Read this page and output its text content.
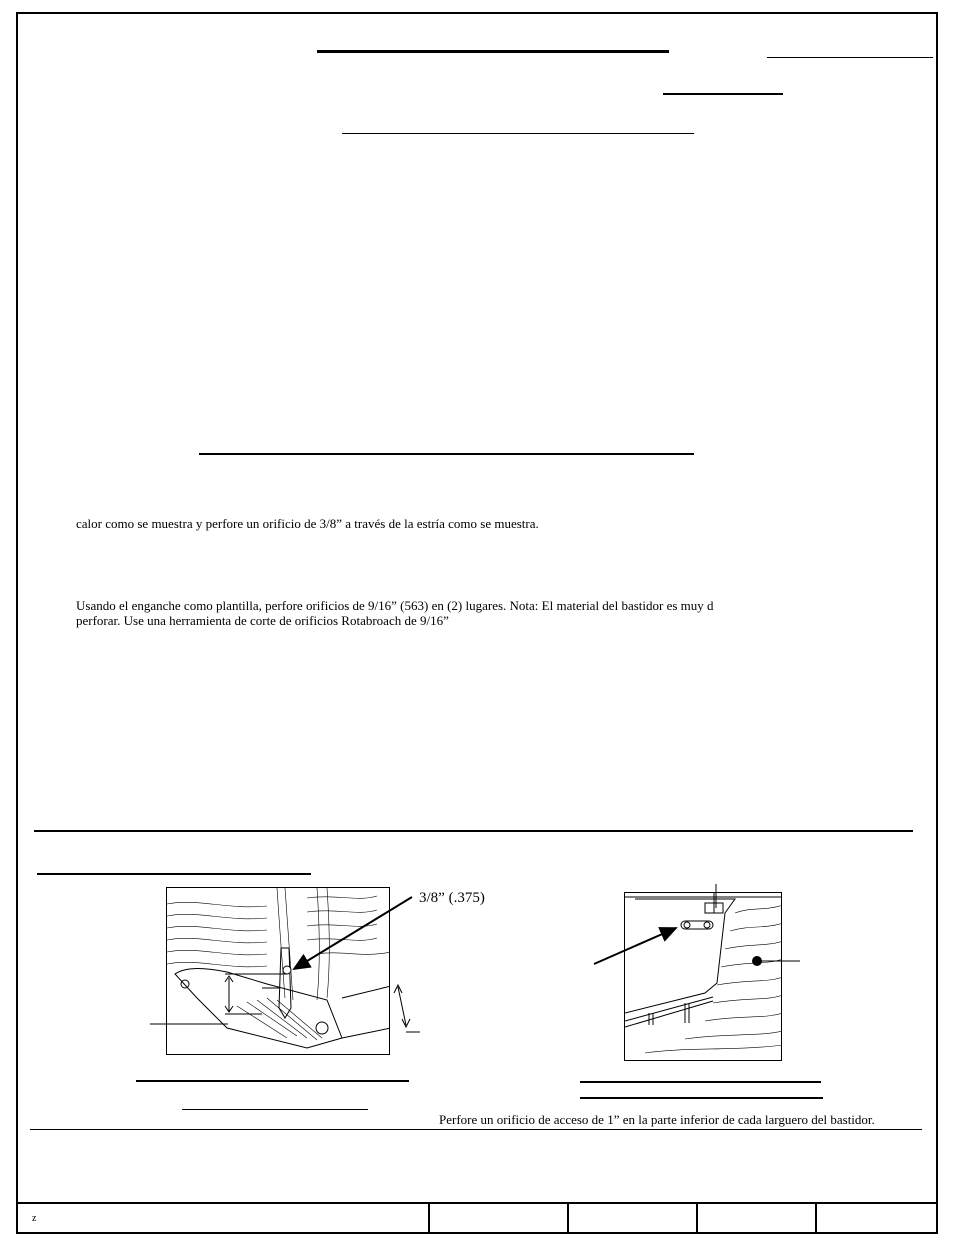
calor como se muestra y perfore un orificio de 3/8” a través de la estría como se muestra.
Usando el enganche como plantilla, perfore orificios de 9/16” (563) en (2) lugares. Nota: El material del bastidor es muy d
perforar. Use una herramienta de corte de orificios Rotabroach de 9/16”
3/8” (.375)
Perfore un orificio de acceso de 1” en la parte inferior de cada larguero del bastidor.
z
